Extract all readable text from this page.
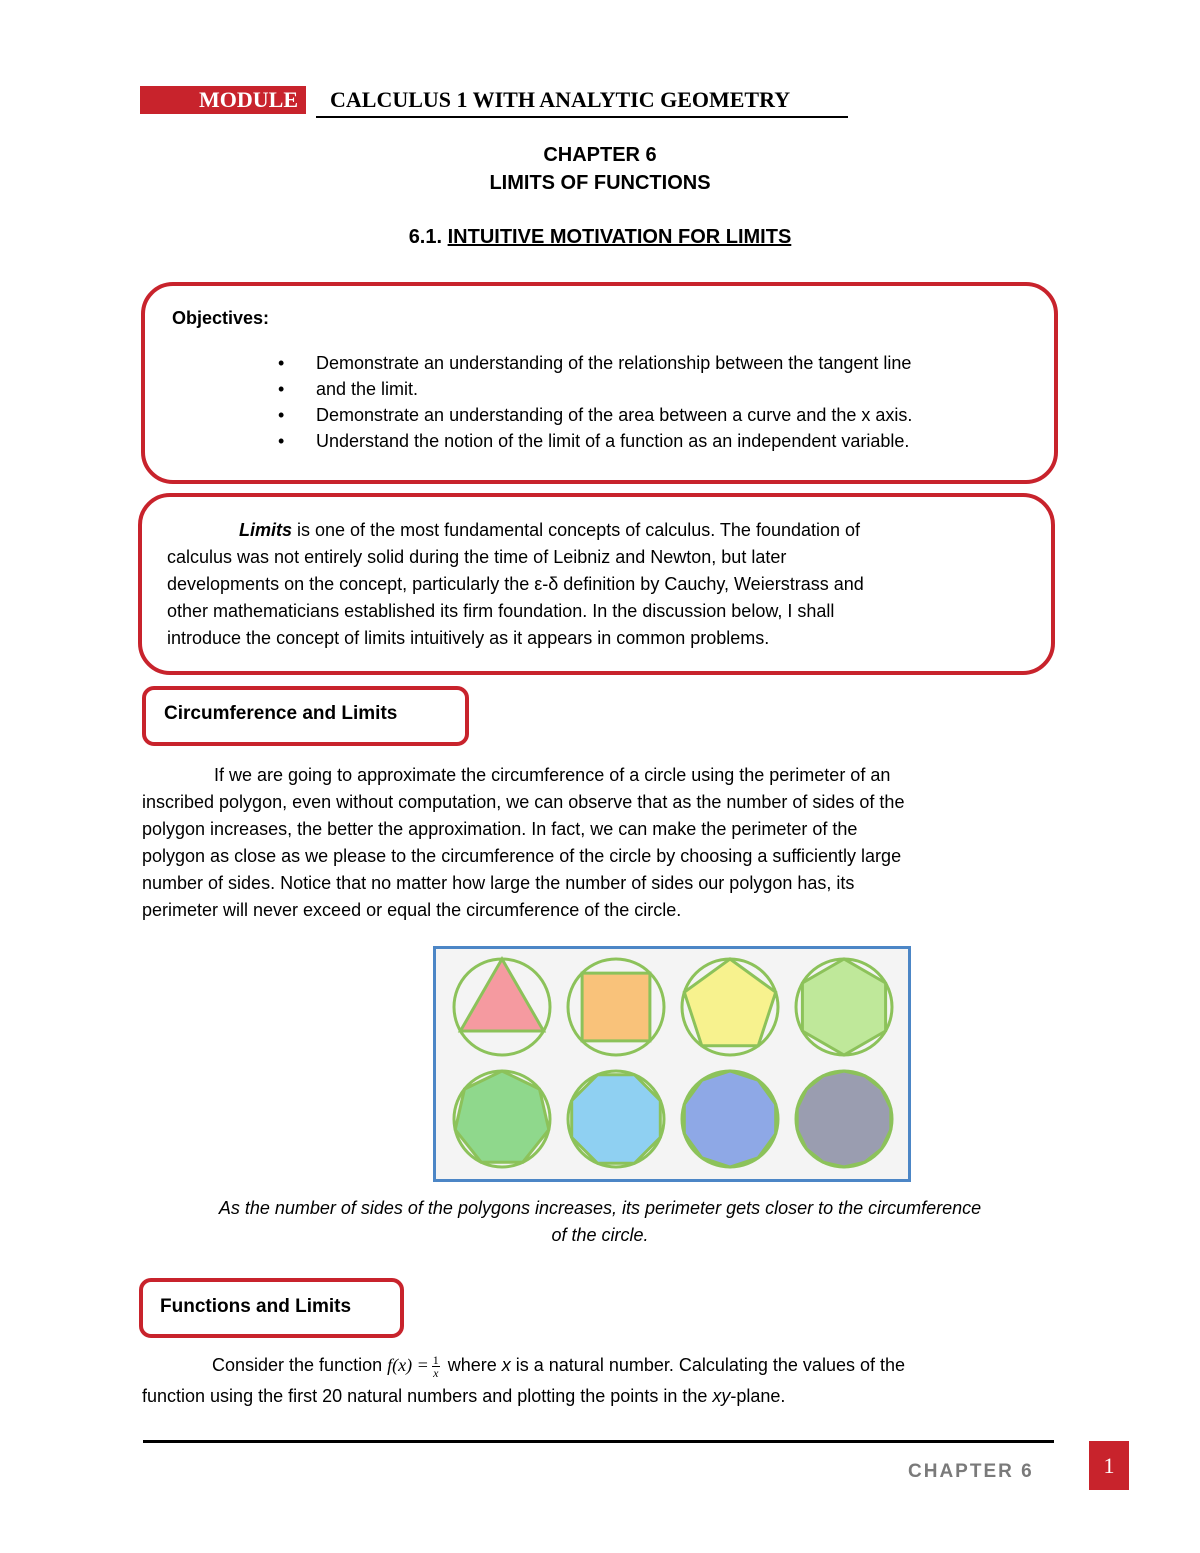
MODULE	CALCULUS 1 WITH ANALYTIC GEOMETRY
CHAPTER 6
LIMITS OF FUNCTIONS
6.1. INTUITIVE MOTIVATION FOR LIMITS
Objectives:
• Demonstrate an understanding of the relationship between the tangent line
• and the limit.
• Demonstrate an understanding of the area between a curve and the x axis.
• Understand the notion of the limit of a function as an independent variable.
Limits is one of the most fundamental concepts of calculus. The foundation of
calculus was not entirely solid during the time of Leibniz and Newton, but later
developments on the concept, particularly the ε-δ definition by Cauchy, Weierstrass and
other mathematicians established its firm foundation. In the discussion below, I shall
introduce the concept of limits intuitively as it appears in common problems.
Circumference and Limits
If we are going to approximate the circumference of a circle using the perimeter of an
inscribed polygon, even without computation, we can observe that as the number of sides of the
polygon increases, the better the approximation. In fact, we can make the perimeter of the
polygon as close as we please to the circumference of the circle by choosing a sufficiently large
number of sides. Notice that no matter how large the number of sides our polygon has, its
perimeter will never exceed or equal the circumference of the circle.
As the number of sides of the polygons increases, its perimeter gets closer to the circumference
of the circle.
Functions and Limits
Consider the function $f(x) = \frac{1}{x}$ where x is a natural number. Calculating the values of the
function using the first 20 natural numbers and plotting the points in the xy-plane.
CHAPTER 6	1
